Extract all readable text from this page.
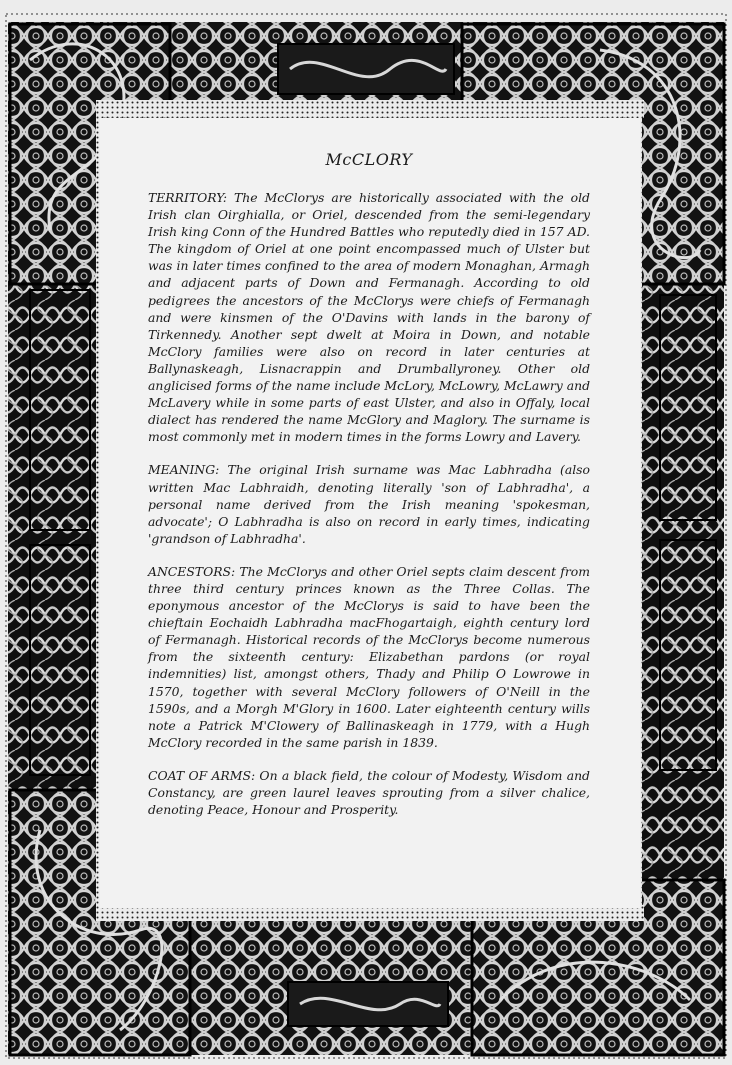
McCLORY

TERRITORY: The McClorys are historically associated with the old Irish clan Oirghialla, or Oriel, descended from the semi-legendary Irish king Conn of the Hundred Battles who reputedly died in 157 AD. The kingdom of Oriel at one point encompassed much of Ulster but was in later times confined to the area of modern Monaghan, Armagh and adjacent parts of Down and Fermanagh. According to old pedigrees the ancestors of the McClorys were chiefs of Fermanagh and were kinsmen of the O'Davins with lands in the barony of Tirkennedy. Another sept dwelt at Moira in Down, and notable McClory families were also on record in later centuries at Ballynaskeagh, Lisnacrappin and Drumballyroney. Other old anglicised forms of the name include McLory, McLowry, McLawry and McLavery while in some parts of east Ulster, and also in Offaly, local dialect has rendered the name McGlory and Maglory. The surname is most commonly met in modern times in the forms Lowry and Lavery.

MEANING: The original Irish surname was Mac Labhradha (also written Mac Labhraidh, denoting literally 'son of Labhradha', a personal name derived from the Irish meaning 'spokesman, advocate'; O Labhradha is also on record in early times, indicating 'grandson of Labhradha'.

ANCESTORS: The McClorys and other Oriel septs claim descent from three third century princes known as the Three Collas. The eponymous ancestor of the McClorys is said to have been the chieftain Eochaidh Labhradha macFhogartaigh, eighth century lord of Fermanagh. Historical records of the McClorys become numerous from the sixteenth century: Elizabethan pardons (or royal indemnities) list, amongst others, Thady and Philip O Lowrowe in 1570, together with several McClory followers of O'Neill in the 1590s, and a Morgh M'Glory in 1600. Later eighteenth century wills note a Patrick M'Clowery of Ballinaskeagh in 1779, with a Hugh McClory recorded in the same parish in 1839.

COAT OF ARMS: On a black field, the colour of Modesty, Wisdom and Constancy, are green laurel leaves sprouting from a silver chalice, denoting Peace, Honour and Prosperity.
